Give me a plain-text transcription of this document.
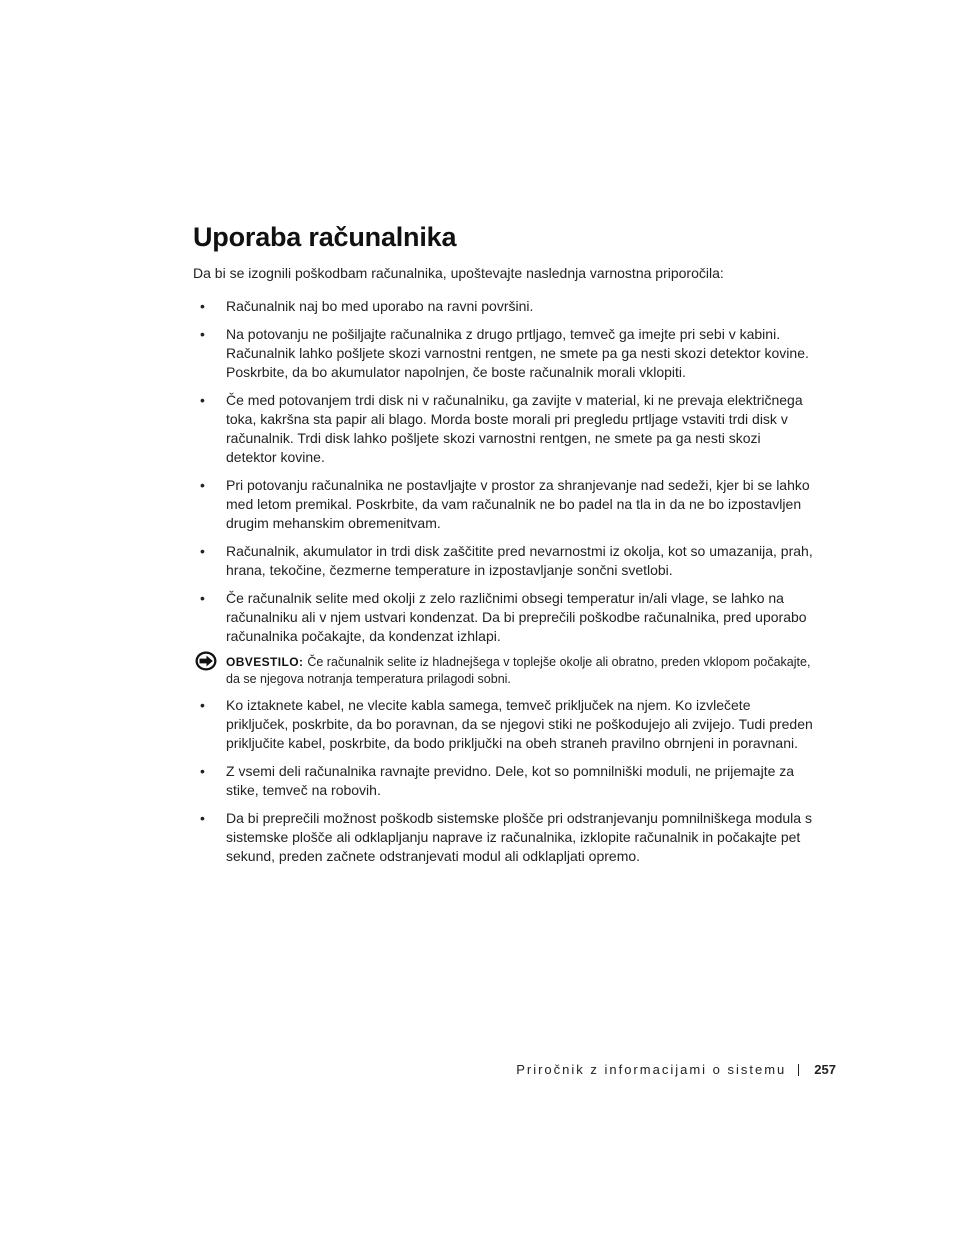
Uporaba računalnika

Da bi se izognili poškodbam računalnika, upoštevajte naslednja varnostna priporočila:

• Računalnik naj bo med uporabo na ravni površini.
• Na potovanju ne pošiljajte računalnika z drugo prtljago, temveč ga imejte pri sebi v kabini. Računalnik lahko pošljete skozi varnostni rentgen, ne smete pa ga nesti skozi detektor kovine. Poskrbite, da bo akumulator napolnjen, če boste računalnik morali vklopiti.
• Če med potovanjem trdi disk ni v računalniku, ga zavijte v material, ki ne prevaja električnega toka, kakršna sta papir ali blago. Morda boste morali pri pregledu prtljage vstaviti trdi disk v računalnik. Trdi disk lahko pošljete skozi varnostni rentgen, ne smete pa ga nesti skozi detektor kovine.
• Pri potovanju računalnika ne postavljajte v prostor za shranjevanje nad sedeži, kjer bi se lahko med letom premikal. Poskrbite, da vam računalnik ne bo padel na tla in da ne bo izpostavljen drugim mehanskim obremenitvam.
• Računalnik, akumulator in trdi disk zaščitite pred nevarnostmi iz okolja, kot so umazanija, prah, hrana, tekočine, čezmerne temperature in izpostavljanje sončni svetlobi.
• Če računalnik selite med okolji z zelo različnimi obsegi temperatur in/ali vlage, se lahko na računalniku ali v njem ustvari kondenzat. Da bi preprečili poškodbe računalnika, pred uporabo računalnika počakajte, da kondenzat izhlapi.
OBVESTILO: Če računalnik selite iz hladnejšega v toplejše okolje ali obratno, preden vklopom počakajte, da se njegova notranja temperatura prilagodi sobni.
• Ko iztaknete kabel, ne vlecite kabla samega, temveč priključek na njem. Ko izvlečete priključek, poskrbite, da bo poravnan, da se njegovi stiki ne poškodujejo ali zvijejo. Tudi preden priključite kabel, poskrbite, da bodo priključki na obeh straneh pravilno obrnjeni in poravnani.
• Z vsemi deli računalnika ravnajte previdno. Dele, kot so pomnilniški moduli, ne prijemajte za stike, temveč na robovih.
• Da bi preprečili možnost poškodb sistemske plošče pri odstranjevanju pomnilniškega modula s sistemske plošče ali odklapljanju naprave iz računalnika, izklopite računalnik in počakajte pet sekund, preden začnete odstranjevati modul ali odklapljati opremo.
Priročnik z informacijami o sistemu 257
